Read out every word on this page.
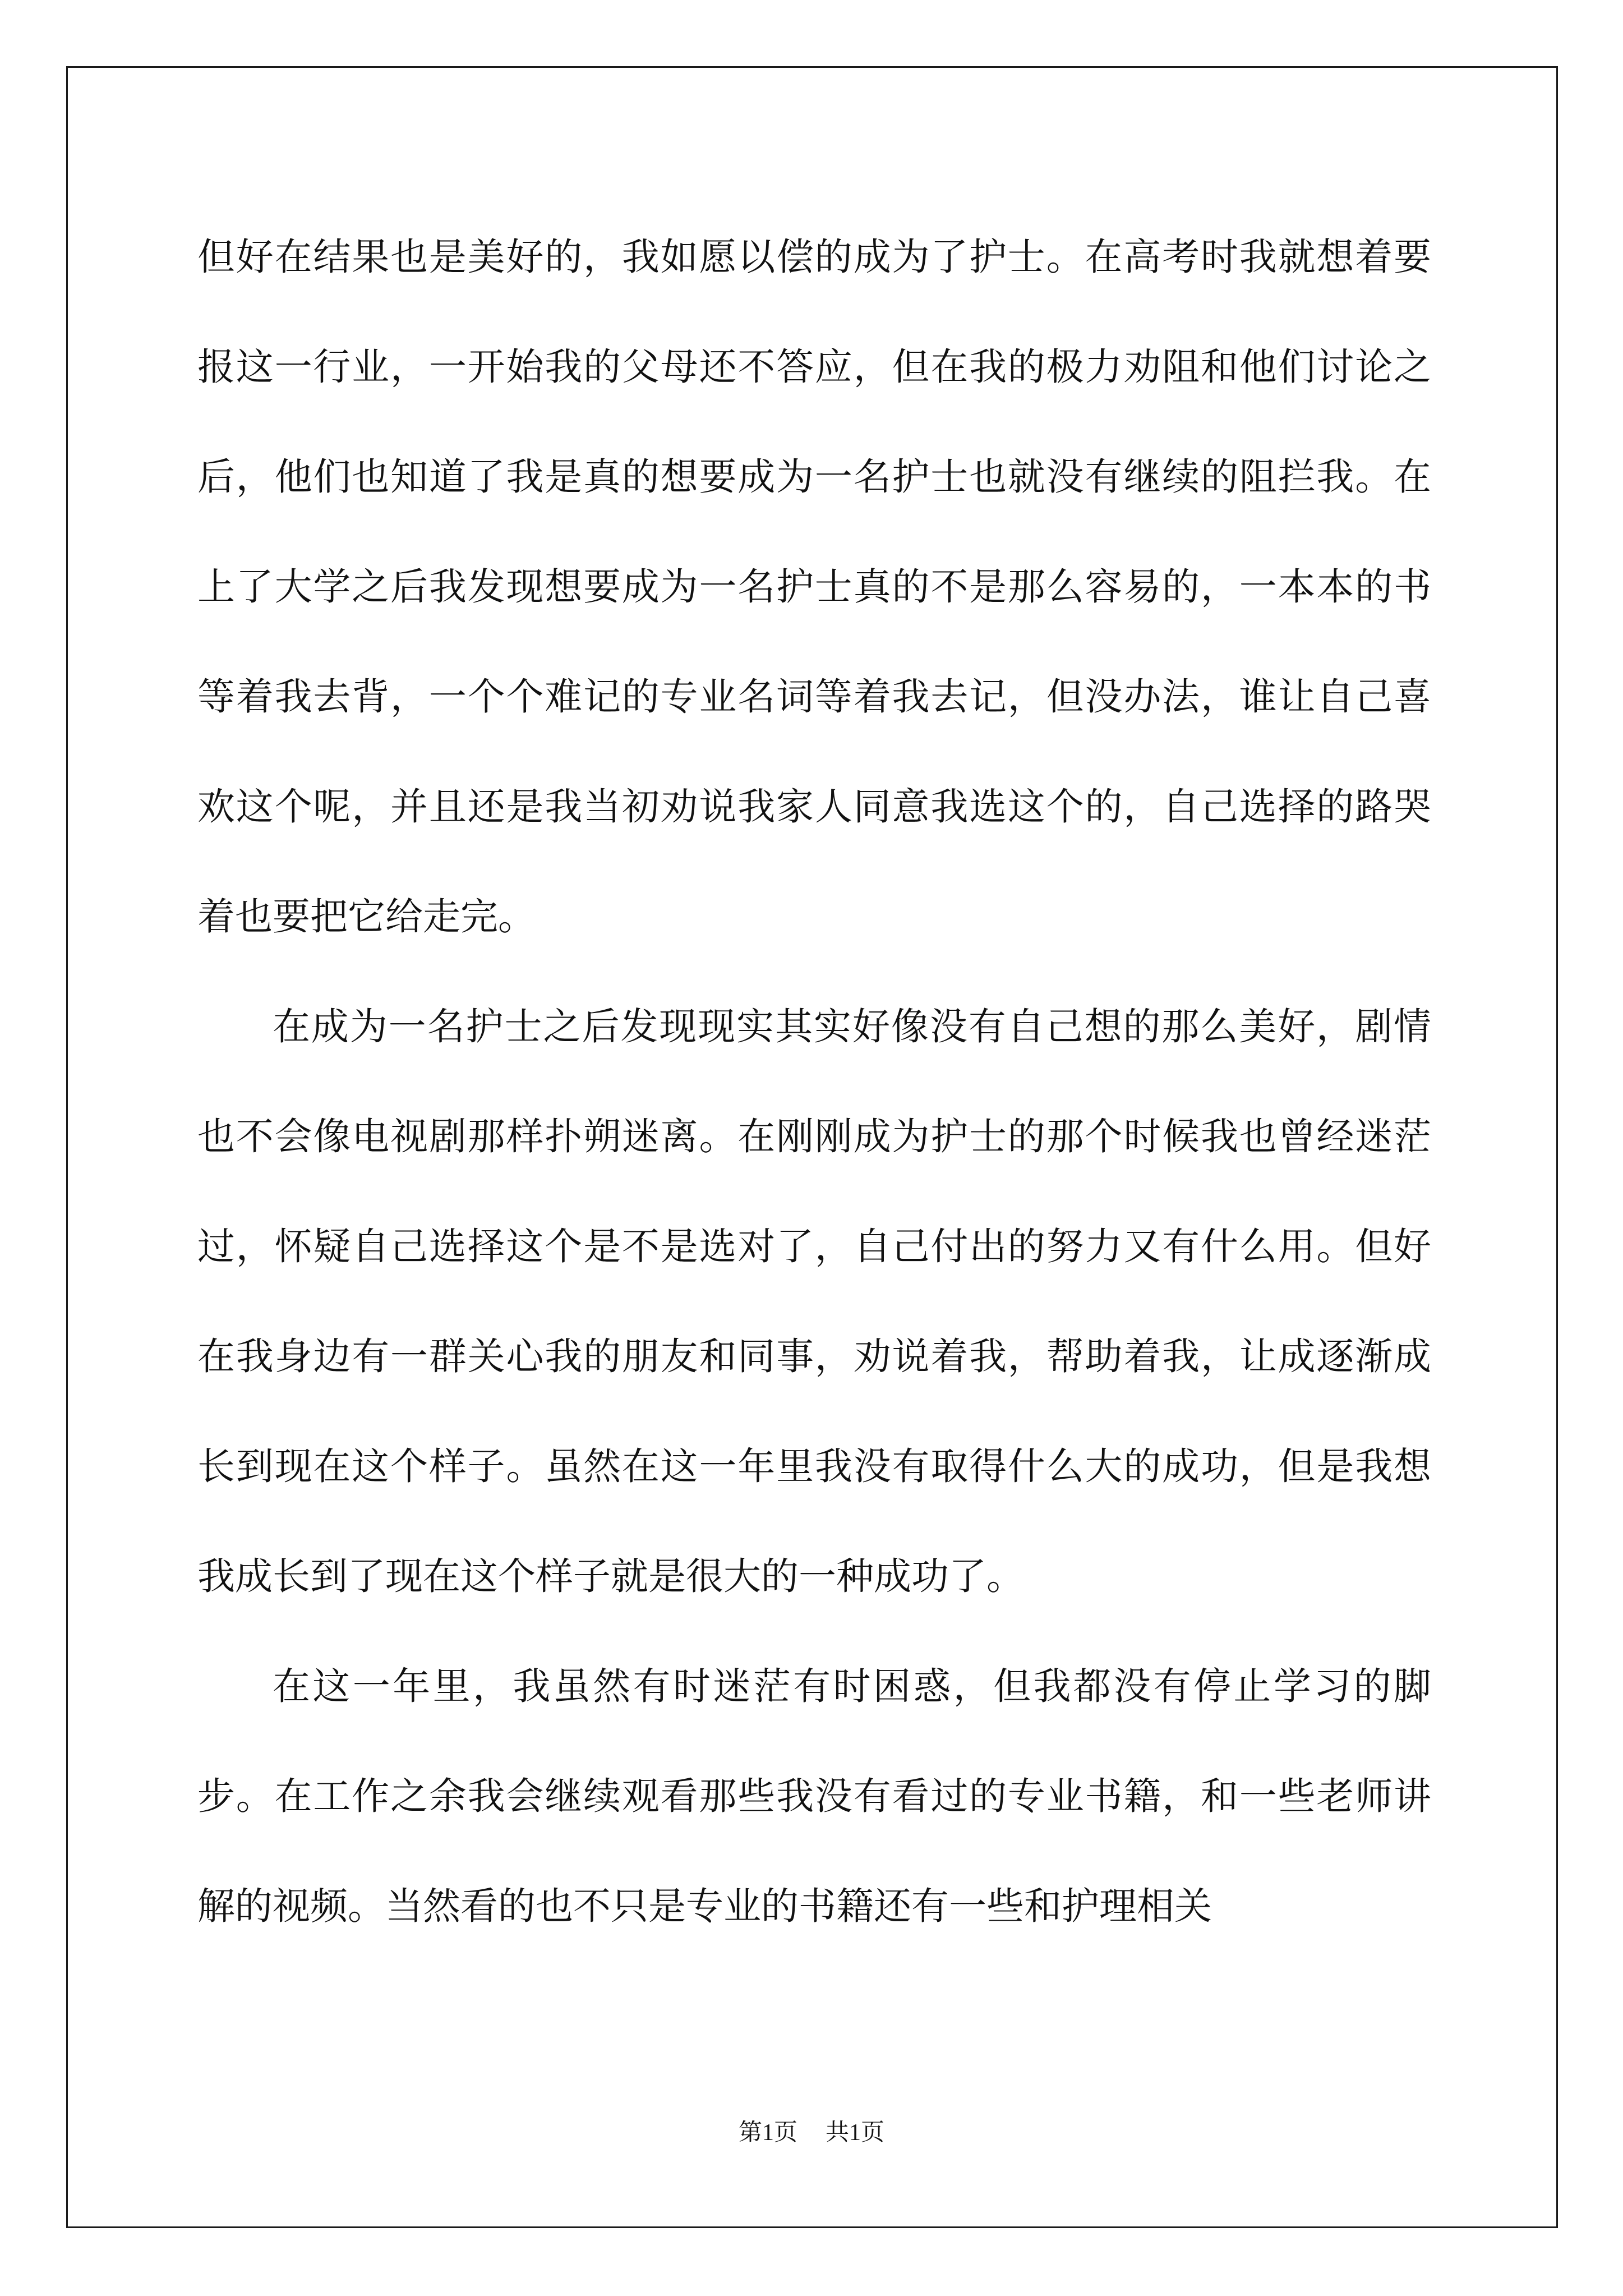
但好在结果也是美好的，我如愿以偿的成为了护士。在高考时我就想着要报这一行业，一开始我的父母还不答应，但在我的极力劝阻和他们讨论之后，他们也知道了我是真的想要成为一名护士也就没有继续的阻拦我。在上了大学之后我发现想要成为一名护士真的不是那么容易的，一本本的书等着我去背，一个个难记的专业名词等着我去记，但没办法，谁让自己喜欢这个呢，并且还是我当初劝说我家人同意我选这个的，自己选择的路哭着也要把它给走完。

在成为一名护士之后发现现实其实好像没有自己想的那么美好，剧情也不会像电视剧那样扑朔迷离。在刚刚成为护士的那个时候我也曾经迷茫过，怀疑自己选择这个是不是选对了，自己付出的努力又有什么用。但好在我身边有一群关心我的朋友和同事，劝说着我，帮助着我，让成逐渐成长到现在这个样子。虽然在这一年里我没有取得什么大的成功，但是我想我成长到了现在这个样子就是很大的一种成功了。

在这一年里，我虽然有时迷茫有时困惑，但我都没有停止学习的脚步。在工作之余我会继续观看那些我没有看过的专业书籍，和一些老师讲解的视频。当然看的也不只是专业的书籍还有一些和护理相关

第1页 共1页
